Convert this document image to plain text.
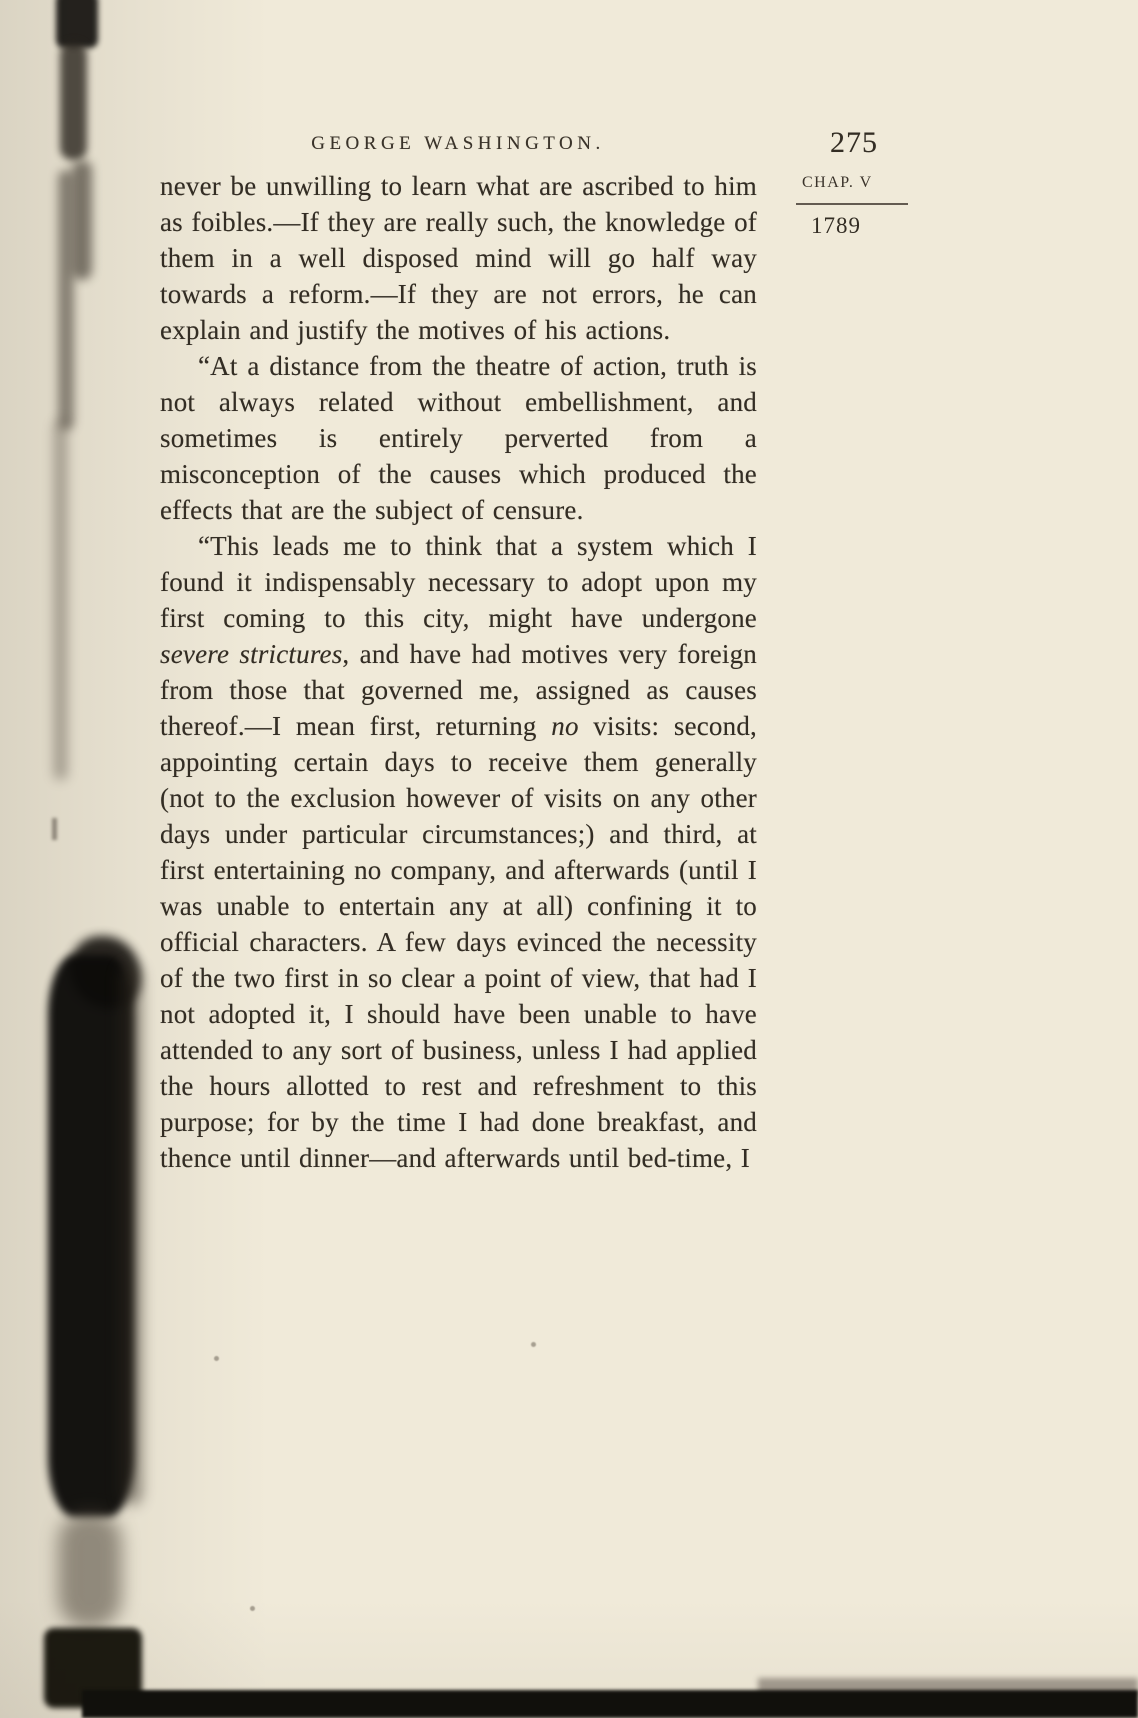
GEORGE WASHINGTON.	275
CHAP. V
1789

never be unwilling to learn what are ascribed to him as foibles.—If they are really such, the knowledge of them in a well disposed mind will go half way towards a reform.—If they are not errors, he can explain and justify the motives of his actions.

“At a distance from the theatre of action, truth is not always related without embellishment, and sometimes is entirely perverted from a misconception of the causes which produced the effects that are the subject of censure.

“This leads me to think that a system which I found it indispensably necessary to adopt upon my first coming to this city, might have undergone severe strictures, and have had motives very foreign from those that governed me, assigned as causes thereof.—I mean first, returning no visits: second, appointing certain days to receive them generally (not to the exclusion however of visits on any other days under particular circumstances;) and third, at first entertaining no company, and afterwards (until I was unable to entertain any at all) confining it to official characters. A few days evinced the necessity of the two first in so clear a point of view, that had I not adopted it, I should have been unable to have attended to any sort of business, unless I had applied the hours allotted to rest and refreshment to this purpose; for by the time I had done breakfast, and thence until dinner—and afterwards until bed-time, I
